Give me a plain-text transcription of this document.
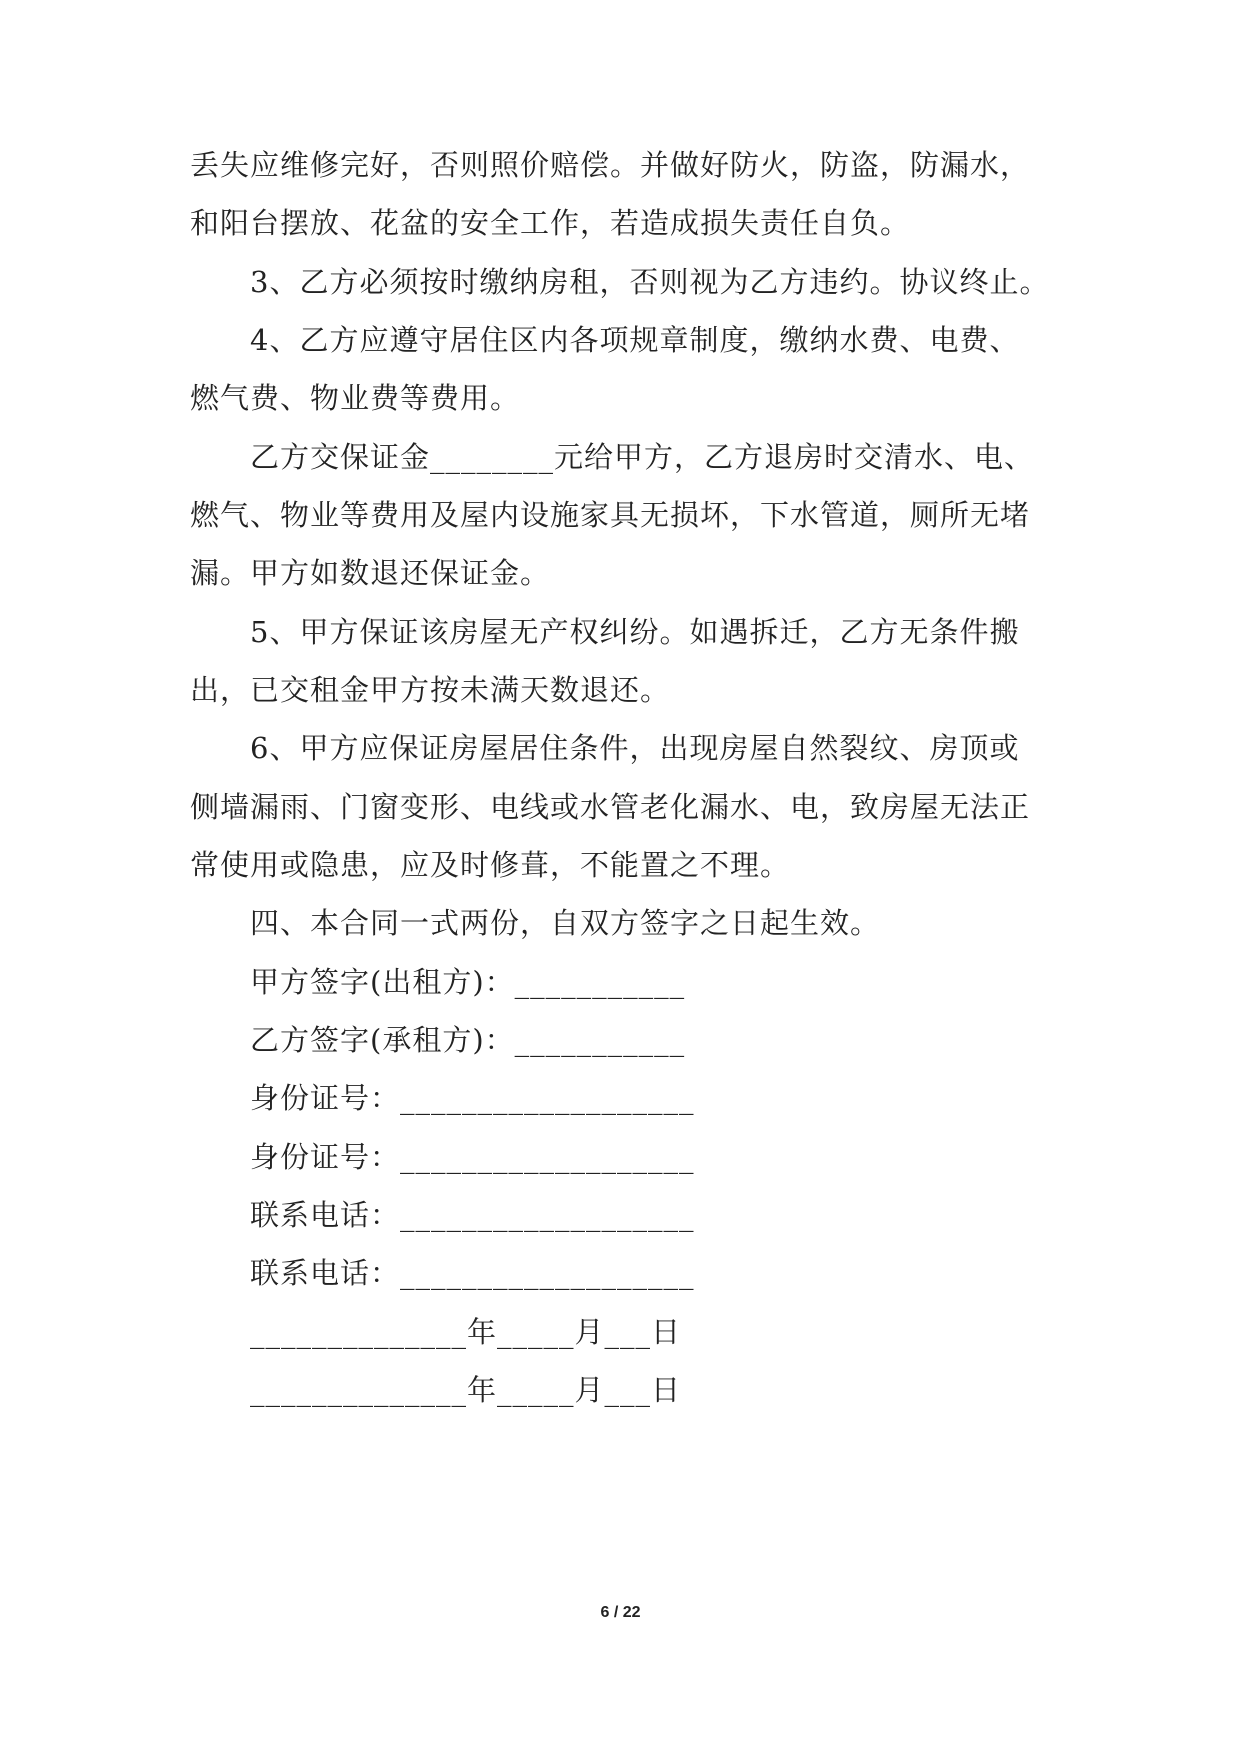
丢失应维修完好，否则照价赔偿。并做好防火，防盗，防漏水，
和阳台摆放、花盆的安全工作，若造成损失责任自负。
3、乙方必须按时缴纳房租，否则视为乙方违约。协议终止。
4、乙方应遵守居住区内各项规章制度，缴纳水费、电费、
燃气费、物业费等费用。
乙方交保证金________元给甲方，乙方退房时交清水、电、
燃气、物业等费用及屋内设施家具无损坏，下水管道，厕所无堵
漏。甲方如数退还保证金。
5、甲方保证该房屋无产权纠纷。如遇拆迁，乙方无条件搬
出，已交租金甲方按未满天数退还。
6、甲方应保证房屋居住条件，出现房屋自然裂纹、房顶或
侧墙漏雨、门窗变形、电线或水管老化漏水、电，致房屋无法正
常使用或隐患，应及时修葺，不能置之不理。
四、本合同一式两份，自双方签字之日起生效。
甲方签字(出租方)：___________
乙方签字(承租方)：___________
身份证号：___________________
身份证号：___________________
联系电话：___________________
联系电话：___________________
______________年_____月___日
______________年_____月___日
6 / 22
